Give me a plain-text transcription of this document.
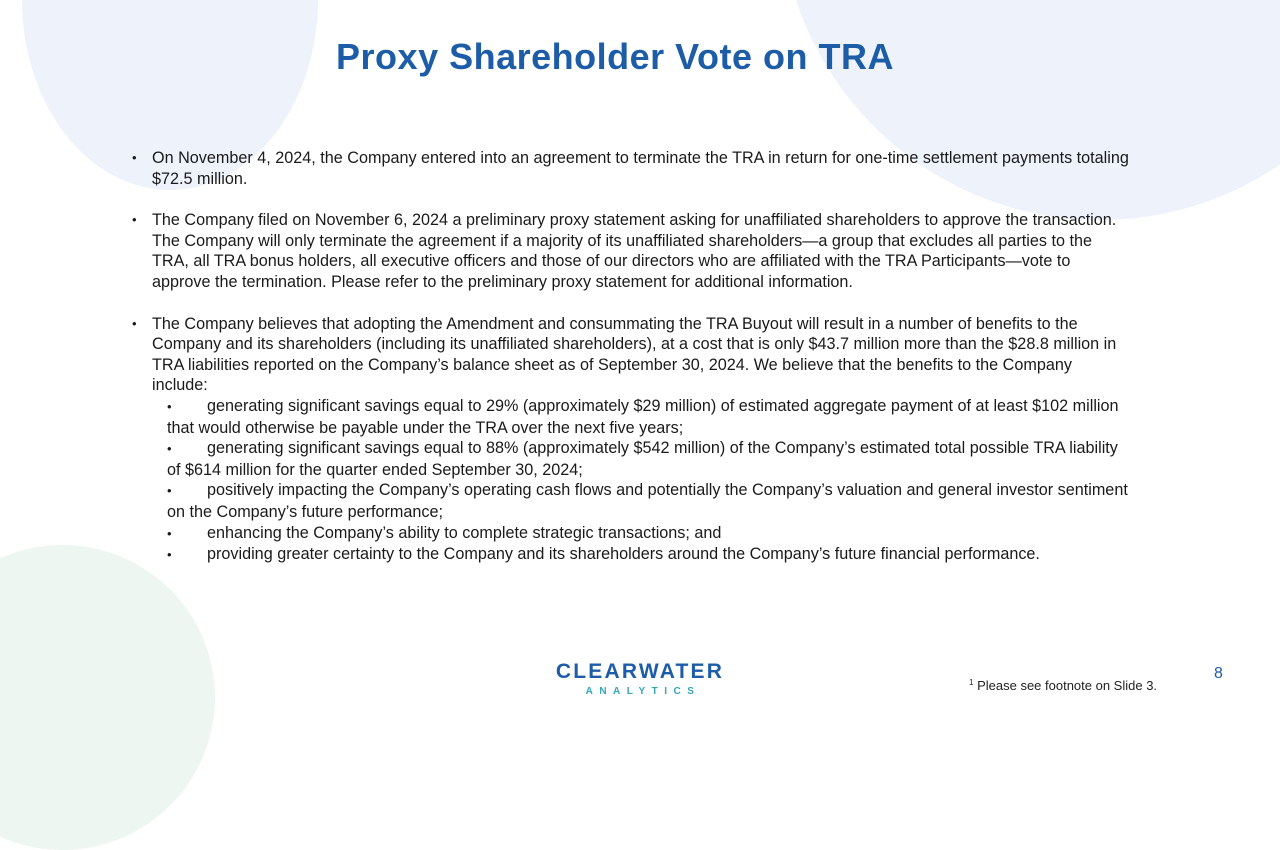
Proxy Shareholder Vote on TRA
• On November 4, 2024, the Company entered into an agreement to terminate the TRA in return for one-time settlement payments totaling $72.5 million.
• The Company filed on November 6, 2024 a preliminary proxy statement asking for unaffiliated shareholders to approve the transaction. The Company will only terminate the agreement if a majority of its unaffiliated shareholders—a group that excludes all parties to the TRA, all TRA bonus holders, all executive officers and those of our directors who are affiliated with the TRA Participants—vote to approve the termination. Please refer to the preliminary proxy statement for additional information.
• The Company believes that adopting the Amendment and consummating the TRA Buyout will result in a number of benefits to the Company and its shareholders (including its unaffiliated shareholders), at a cost that is only $43.7 million more than the $28.8 million in TRA liabilities reported on the Company’s balance sheet as of September 30, 2024. We believe that the benefits to the Company include:
• generating significant savings equal to 29% (approximately $29 million) of estimated aggregate payment of at least $102 million that would otherwise be payable under the TRA over the next five years;
• generating significant savings equal to 88% (approximately $542 million) of the Company’s estimated total possible TRA liability of $614 million for the quarter ended September 30, 2024;
• positively impacting the Company’s operating cash flows and potentially the Company’s valuation and general investor sentiment on the Company’s future performance;
• enhancing the Company’s ability to complete strategic transactions; and
• providing greater certainty to the Company and its shareholders around the Company’s future financial performance.
CLEARWATER
ANALYTICS
$^1$ Please see footnote on Slide 3.
8
